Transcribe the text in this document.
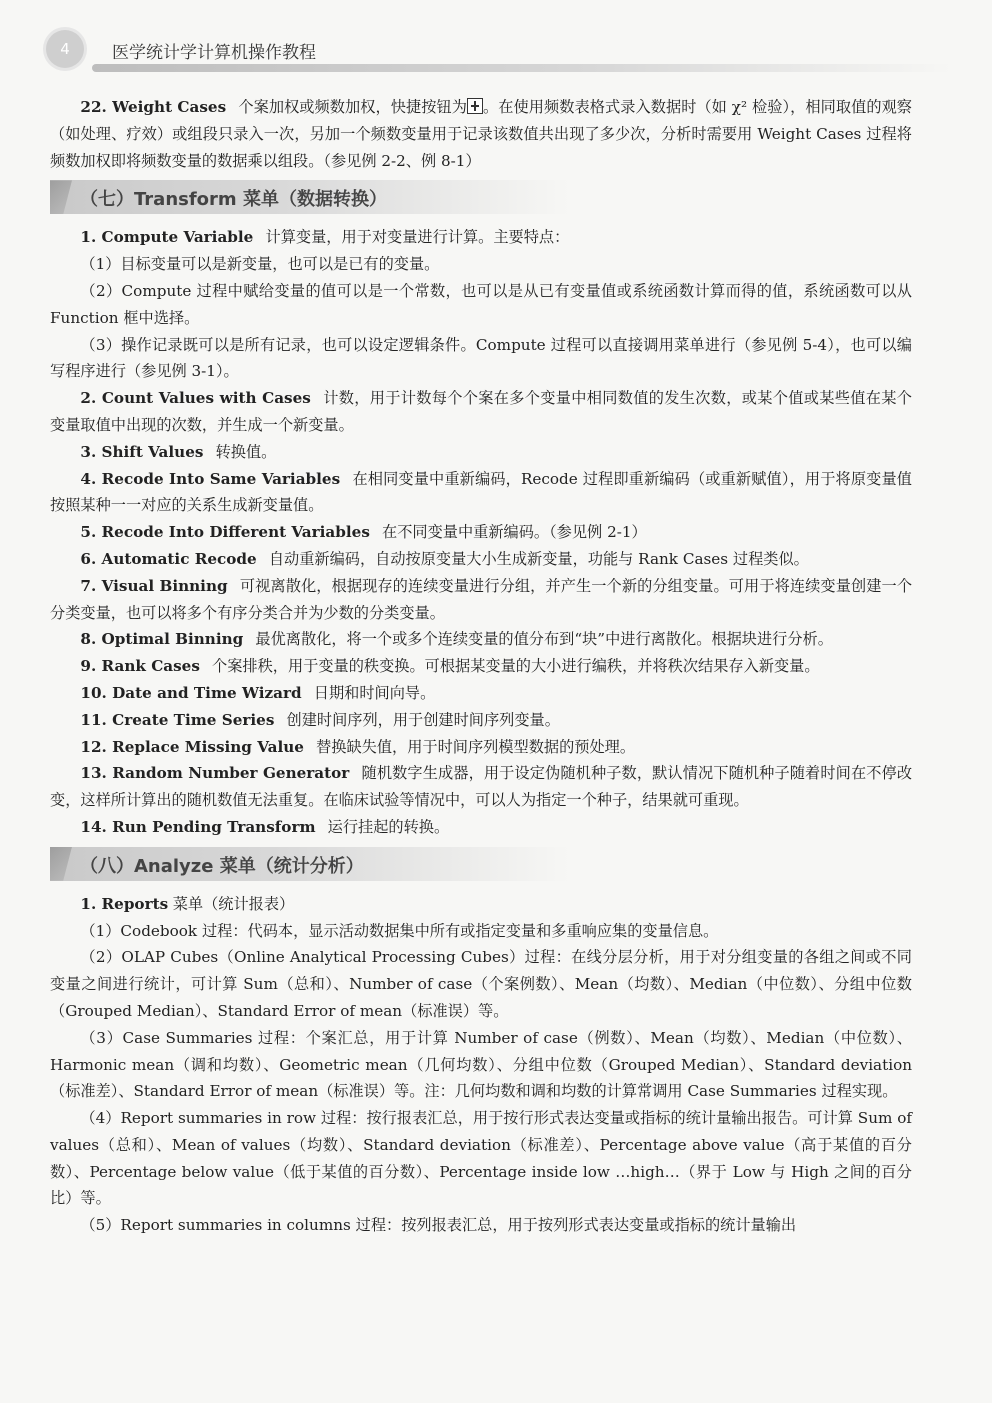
4	医学统计学计算机操作教程

22. Weight Cases 个案加权或频数加权，快捷按钮为 。在使用频数表格式录入数据时（如 χ² 检验），相同取值的观察（如处理、疗效）或组段只录入一次，另加一个频数变量用于记录该数值共出现了多少次，分析时需要用 Weight Cases 过程将频数加权即将频数变量的数据乘以组段。（参见例 2-2、例 8-1）

（七）Transform 菜单（数据转换）

1. Compute Variable 计算变量，用于对变量进行计算。主要特点：

（1）目标变量可以是新变量，也可以是已有的变量。

（2）Compute 过程中赋给变量的值可以是一个常数，也可以是从已有变量值或系统函数计算而得的值，系统函数可以从 Function 框中选择。

（3）操作记录既可以是所有记录，也可以设定逻辑条件。Compute 过程可以直接调用菜单进行（参见例 5-4），也可以编写程序进行（参见例 3-1）。

2. Count Values with Cases 计数，用于计数每个个案在多个变量中相同数值的发生次数，或某个值或某些值在某个变量取值中出现的次数，并生成一个新变量。

3. Shift Values 转换值。

4. Recode Into Same Variables 在相同变量中重新编码，Recode 过程即重新编码（或重新赋值），用于将原变量值按照某种一一对应的关系生成新变量值。

5. Recode Into Different Variables 在不同变量中重新编码。（参见例 2-1）

6. Automatic Recode 自动重新编码，自动按原变量大小生成新变量，功能与 Rank Cases 过程类似。

7. Visual Binning 可视离散化，根据现存的连续变量进行分组，并产生一个新的分组变量。可用于将连续变量创建一个分类变量，也可以将多个有序分类合并为少数的分类变量。

8. Optimal Binning 最优离散化，将一个或多个连续变量的值分布到“块”中进行离散化。根据块进行分析。

9. Rank Cases 个案排秩，用于变量的秩变换。可根据某变量的大小进行编秩，并将秩次结果存入新变量。

10. Date and Time Wizard 日期和时间向导。

11. Create Time Series 创建时间序列，用于创建时间序列变量。

12. Replace Missing Value 替换缺失值，用于时间序列模型数据的预处理。

13. Random Number Generator 随机数字生成器，用于设定伪随机种子数，默认情况下随机种子随着时间在不停改变，这样所计算出的随机数值无法重复。在临床试验等情况中，可以人为指定一个种子，结果就可重现。

14. Run Pending Transform 运行挂起的转换。

（八）Analyze 菜单（统计分析）

1. Reports 菜单（统计报表）

（1）Codebook 过程：代码本，显示活动数据集中所有或指定变量和多重响应集的变量信息。

（2）OLAP Cubes（Online Analytical Processing Cubes）过程：在线分层分析，用于对分组变量的各组之间或不同变量之间进行统计，可计算 Sum（总和）、Number of case（个案例数）、Mean（均数）、Median（中位数）、分组中位数（Grouped Median）、Standard Error of mean（标准误）等。

（3）Case Summaries 过程：个案汇总，用于计算 Number of case（例数）、Mean（均数）、Median（中位数）、Harmonic mean（调和均数）、Geometric mean（几何均数）、分组中位数（Grouped Median）、Standard deviation（标准差）、Standard Error of mean（标准误）等。注：几何均数和调和均数的计算常调用 Case Summaries 过程实现。

（4）Report summaries in row 过程：按行报表汇总，用于按行形式表达变量或指标的统计量输出报告。可计算 Sum of values（总和）、Mean of values（均数）、Standard deviation（标准差）、Percentage above value（高于某值的百分数）、Percentage below value（低于某值的百分数）、Percentage inside low …high…（界于 Low 与 High 之间的百分比）等。

（5）Report summaries in columns 过程：按列报表汇总，用于按列形式表达变量或指标的统计量输出
